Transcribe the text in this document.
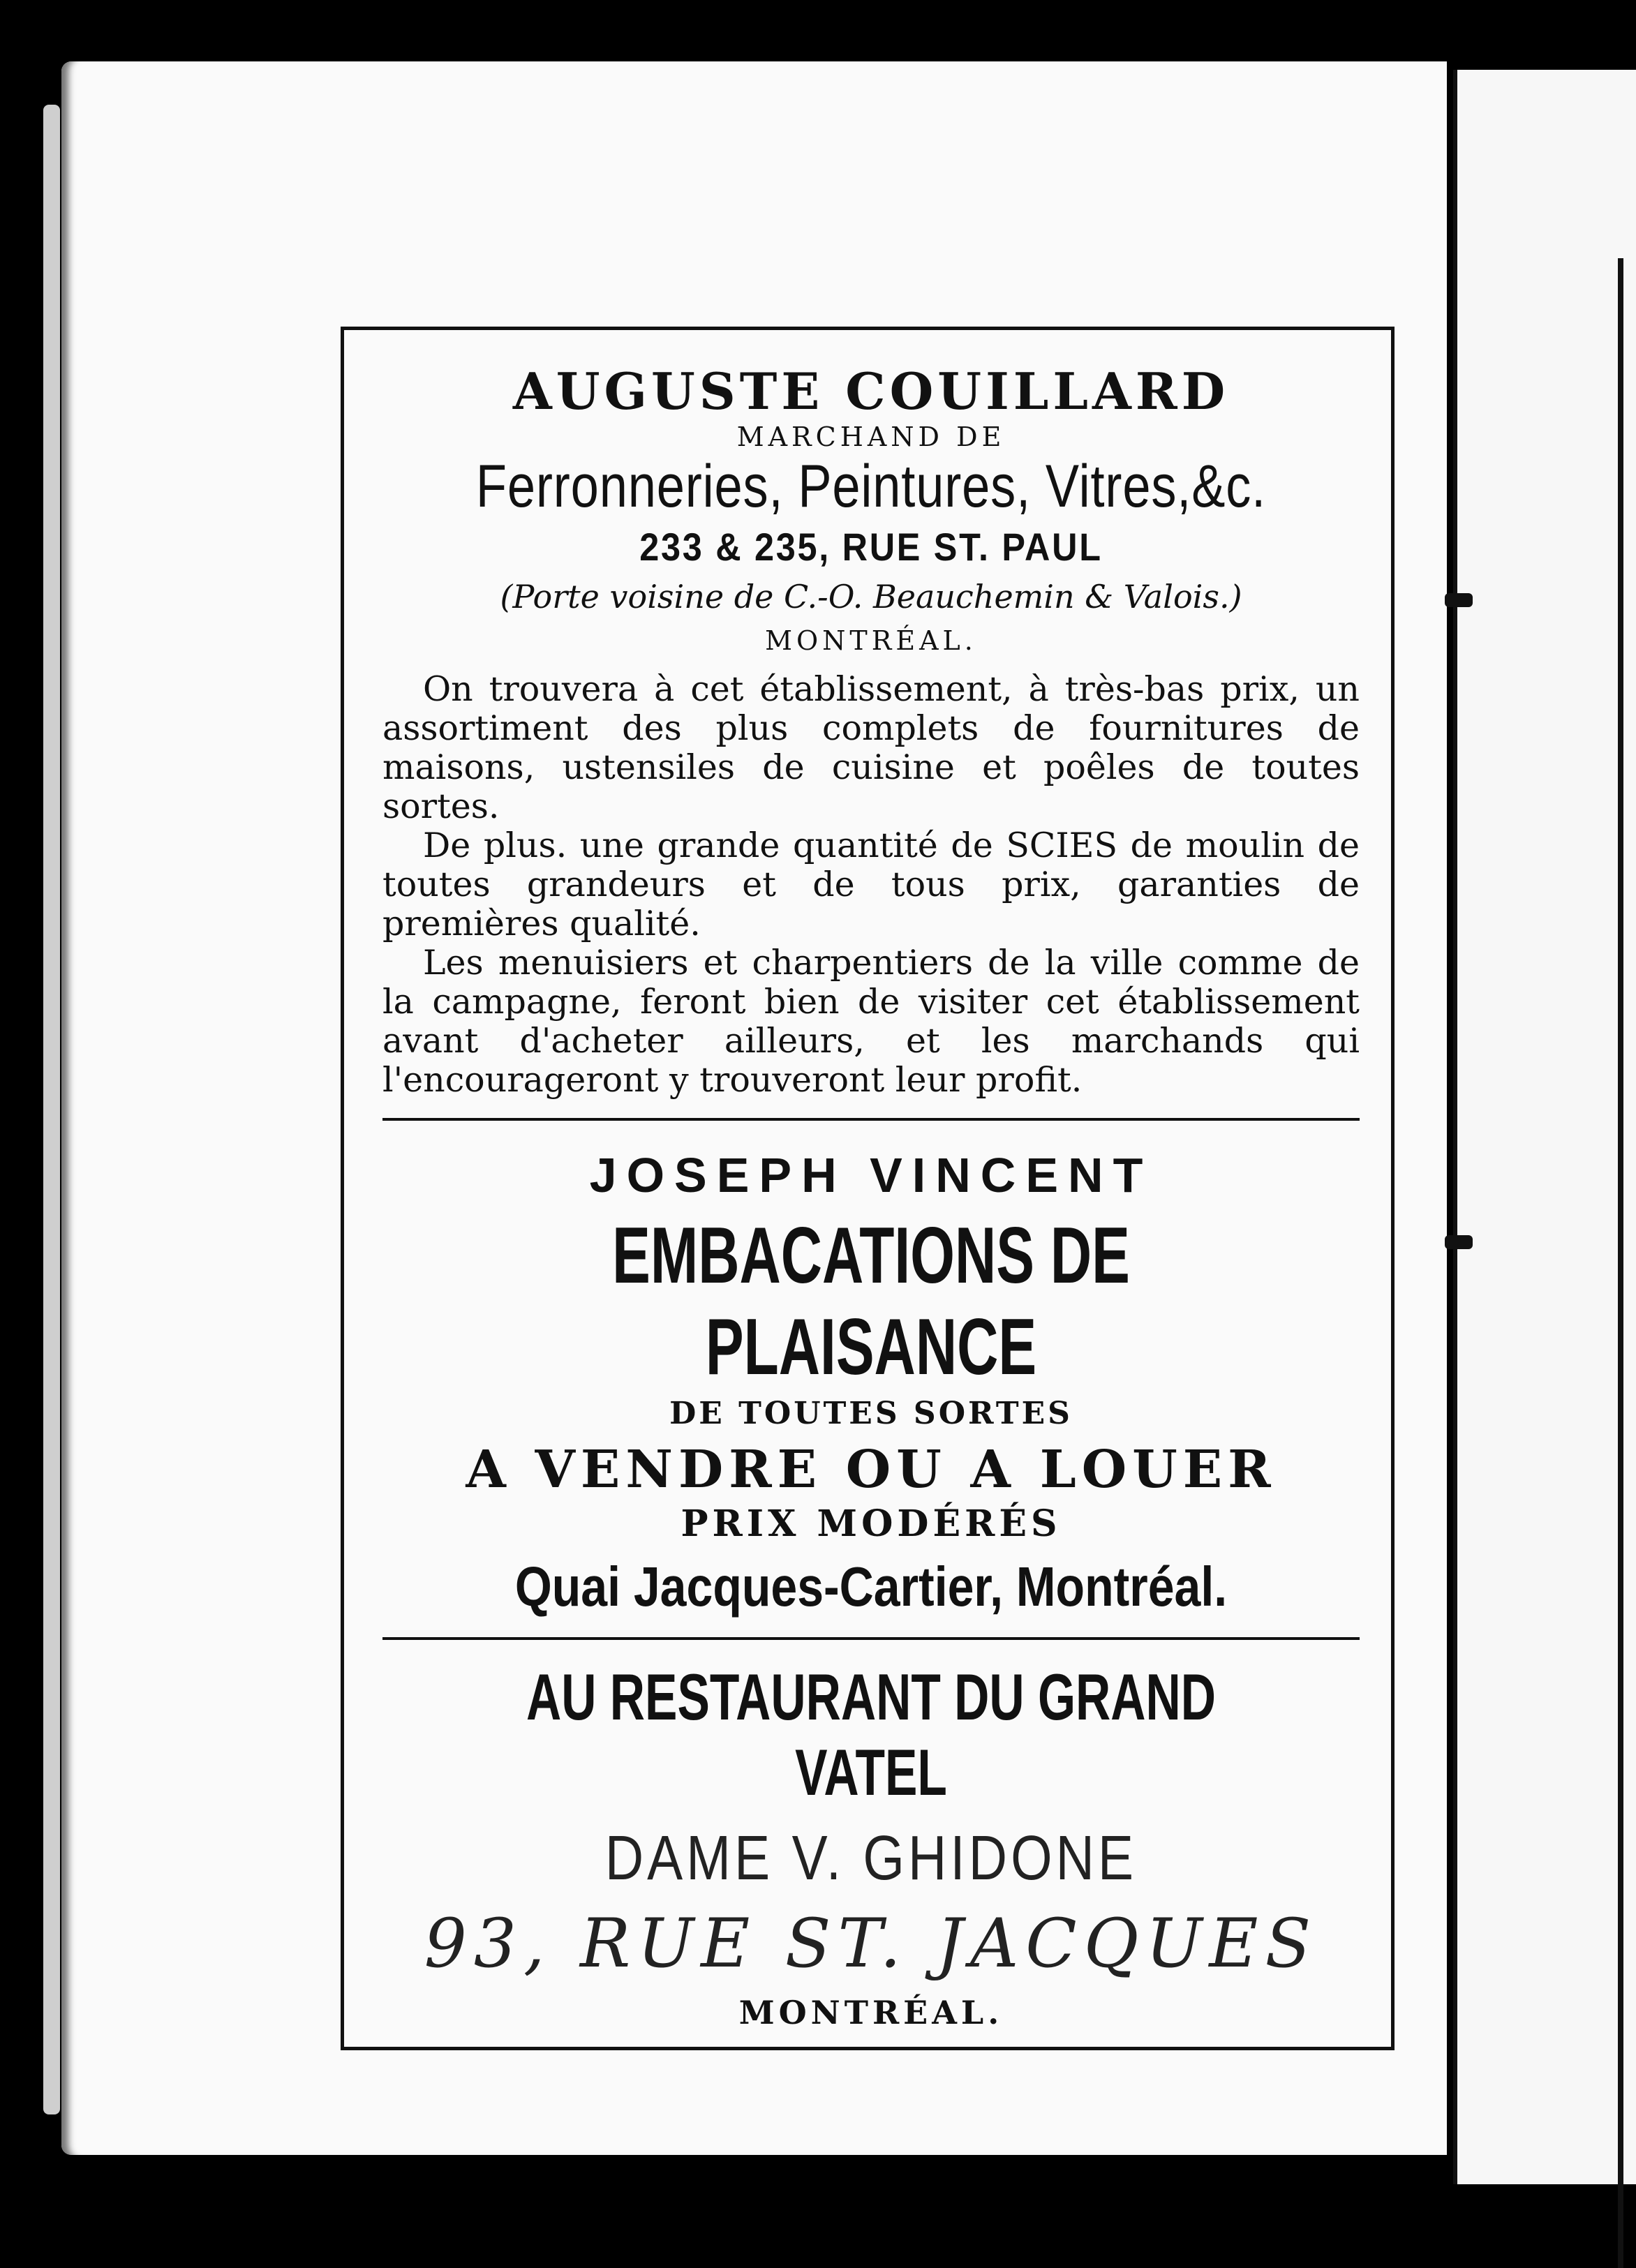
AUGUSTE COUILLARD

MARCHAND DE

Ferronneries, Peintures, Vitres,&c.

233 & 235, RUE ST. PAUL

(Porte voisine de C.-O. Beauchemin & Valois.)

MONTRÉAL.

On trouvera à cet établissement, à très-bas prix, un assortiment des plus complets de fournitures de maisons, ustensiles de cuisine et poêles de toutes sortes.

De plus. une grande quantité de SCIES de moulin de toutes grandeurs et de tous prix, garanties de premières qualité.

Les menuisiers et charpentiers de la ville comme de la campagne, feront bien de visiter cet établissement avant d'acheter ailleurs, et les marchands qui l'encourageront y trouveront leur profit.

JOSEPH VINCENT

EMBACATIONS DE PLAISANCE

DE TOUTES SORTES

A VENDRE OU A LOUER

PRIX MODÉRÉS

Quai Jacques-Cartier, Montréal.

AU RESTAURANT DU GRAND VATEL

DAME V. GHIDONE

93, RUE ST. JACQUES

MONTRÉAL.
